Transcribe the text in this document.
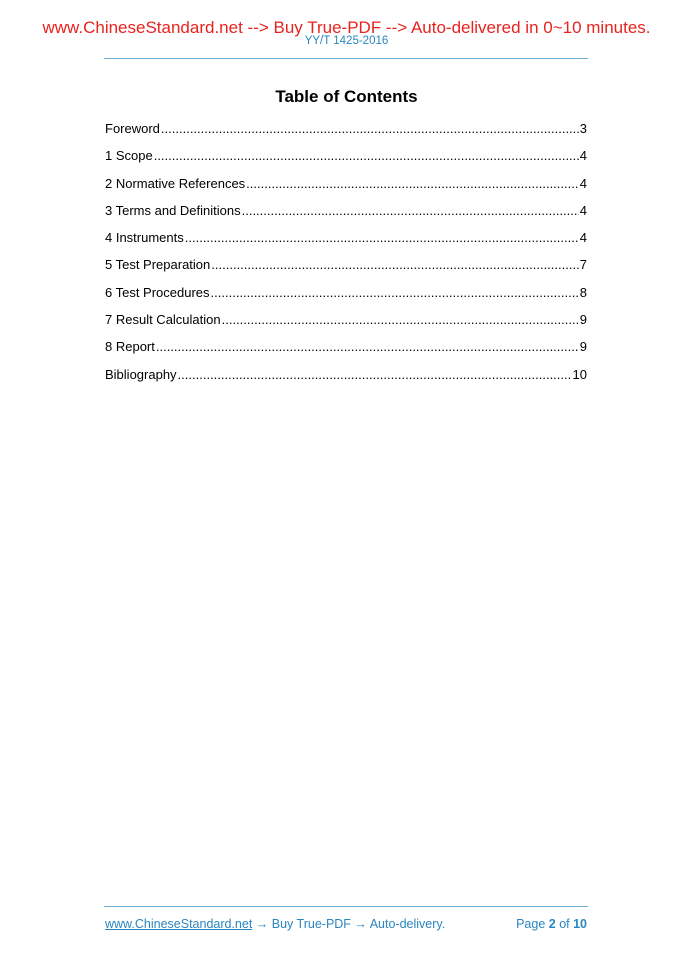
www.ChineseStandard.net --> Buy True-PDF --> Auto-delivered in 0~10 minutes.
YY/T 1425-2016
Table of Contents
Foreword .....	3
1 Scope .....	4
2 Normative References .....	4
3 Terms and Definitions .....	4
4 Instruments .....	4
5 Test Preparation .....	7
6 Test Procedures .....	8
7 Result Calculation .....	9
8 Report .....	9
Bibliography .....	10
www.ChineseStandard.net → Buy True-PDF → Auto-delivery.	Page 2 of 10
